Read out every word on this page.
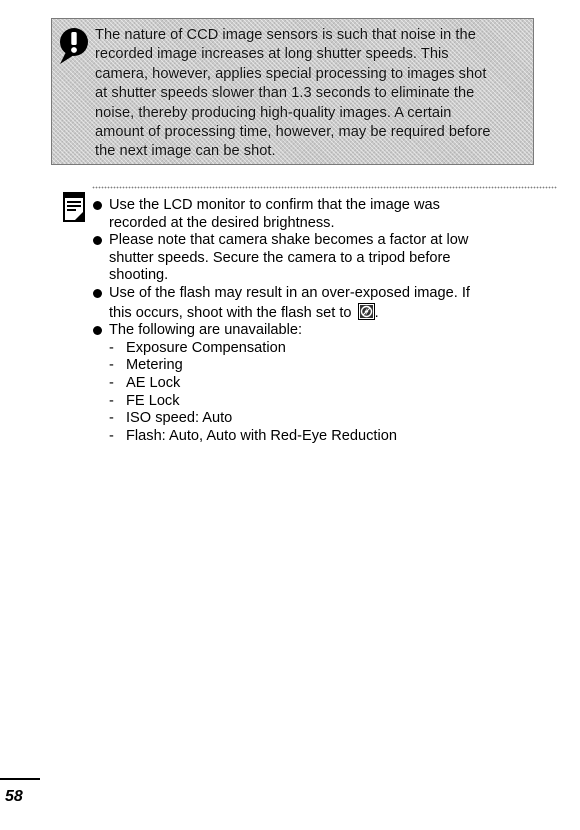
The nature of CCD image sensors is such that noise in the
recorded image increases at long shutter speeds. This
camera, however, applies special processing to images shot
at shutter speeds slower than 1.3 seconds to eliminate the
noise, thereby producing high-quality images. A certain
amount of processing time, however, may be required before
the next image can be shot.

Use the LCD monitor to confirm that the image was
recorded at the desired brightness.
Please note that camera shake becomes a factor at low
shutter speeds. Secure the camera to a tripod before
shooting.
Use of the flash may result in an over-exposed image. If
this occurs, shoot with the flash set to .
The following are unavailable:
- Exposure Compensation
- Metering
- AE Lock
- FE Lock
- ISO speed: Auto
- Flash: Auto, Auto with Red-Eye Reduction
58
